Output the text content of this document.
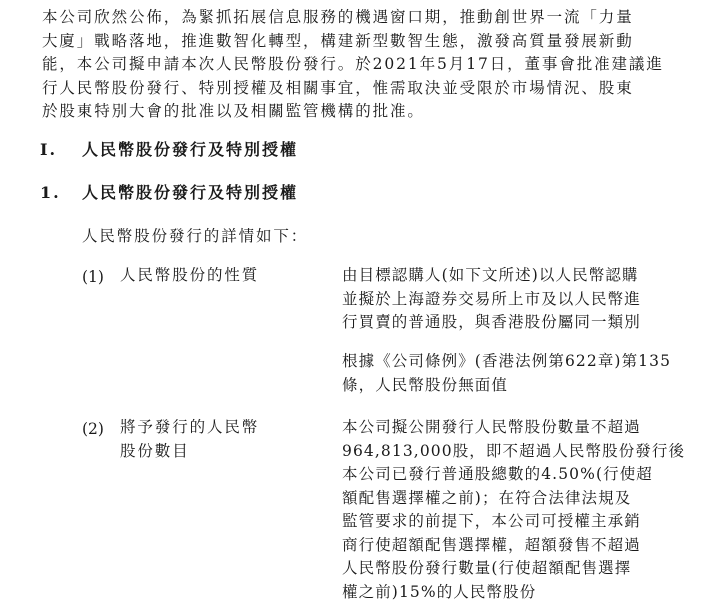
本公司欣然公佈，為緊抓拓展信息服務的機遇窗口期，推動創世界一流「力量
大廈」戰略落地，推進數智化轉型，構建新型數智生態，激發高質量發展新動
能，本公司擬申請本次人民幣股份發行。於2021年5月17日，董事會批准建議進
行人民幣股份發行、特別授權及相關事宜，惟需取決並受限於市場情況、股東
於股東特別大會的批准以及相關監管機構的批准。
I. 人民幣股份發行及特別授權
1. 人民幣股份發行及特別授權
人民幣股份發行的詳情如下：
(1) 人民幣股份的性質	由目標認購人(如下文所述)以人民幣認購
並擬於上海證券交易所上市及以人民幣進
行買賣的普通股，與香港股份屬同一類別
根據《公司條例》(香港法例第622章)第135
條，人民幣股份無面值
(2) 將予發行的人民幣
股份數目
本公司擬公開發行人民幣股份數量不超過
964,813,000股，即不超過人民幣股份發行後
本公司已發行普通股總數的4.50%(行使超
額配售選擇權之前)；在符合法律法規及
監管要求的前提下，本公司可授權主承銷
商行使超額配售選擇權，超額發售不超過
人民幣股份發行數量(行使超額配售選擇
權之前)15%的人民幣股份
